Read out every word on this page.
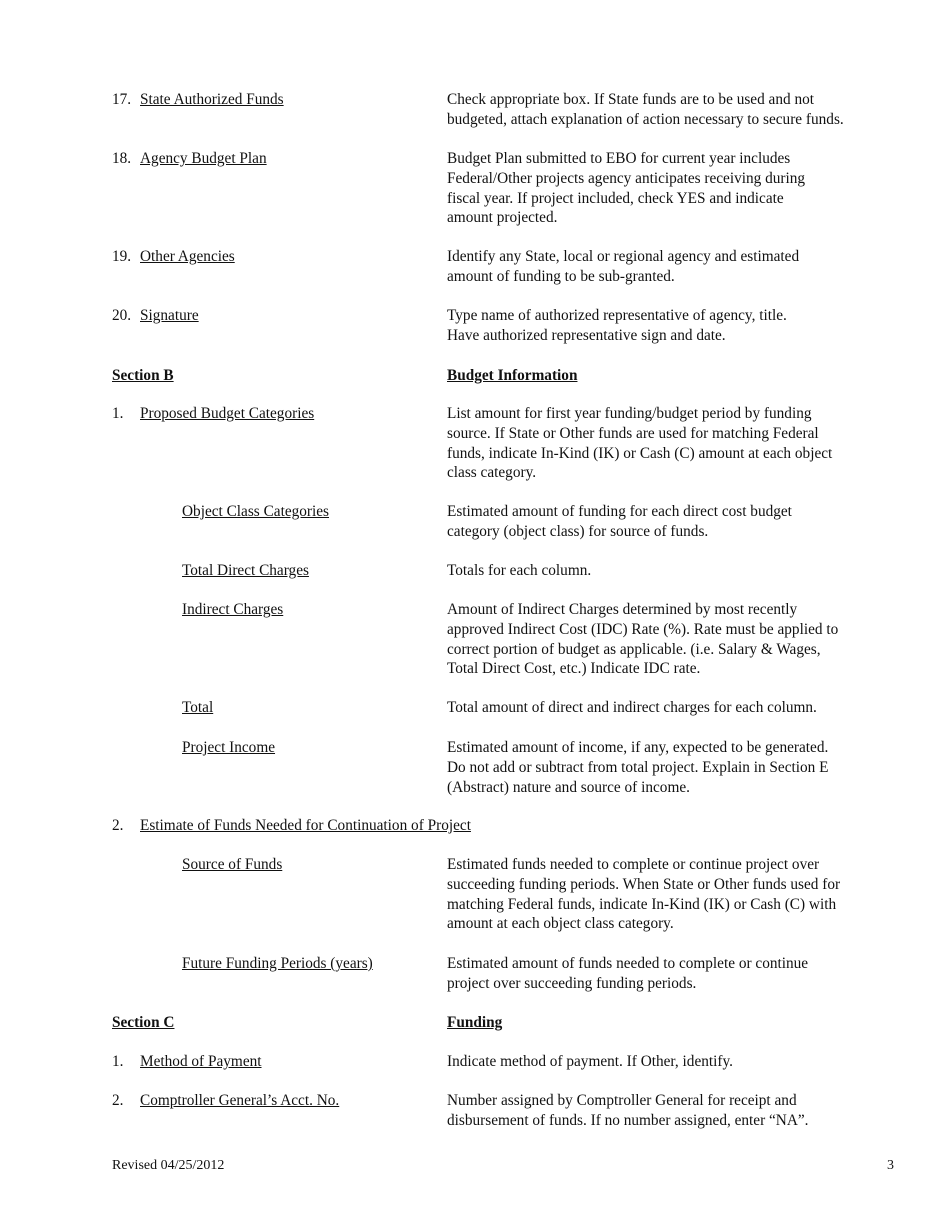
17. State Authorized Funds	Check appropriate box. If State funds are to be used and not
budgeted, attach explanation of action necessary to secure funds.
18. Agency Budget Plan	Budget Plan submitted to EBO for current year includes
Federal/Other projects agency anticipates receiving during
fiscal year. If project included, check YES and indicate
amount projected.
19. Other Agencies	Identify any State, local or regional agency and estimated
amount of funding to be sub-granted.
20. Signature	Type name of authorized representative of agency, title.
Have authorized representative sign and date.
Section B	Budget Information
1. Proposed Budget Categories	List amount for first year funding/budget period by funding
source. If State or Other funds are used for matching Federal
funds, indicate In-Kind (IK) or Cash (C) amount at each object
class category.
Object Class Categories	Estimated amount of funding for each direct cost budget
category (object class) for source of funds.
Total Direct Charges	Totals for each column.
Indirect Charges	Amount of Indirect Charges determined by most recently
approved Indirect Cost (IDC) Rate (%). Rate must be applied to
correct portion of budget as applicable. (i.e. Salary & Wages,
Total Direct Cost, etc.) Indicate IDC rate.
Total	Total amount of direct and indirect charges for each column.
Project Income	Estimated amount of income, if any, expected to be generated.
Do not add or subtract from total project. Explain in Section E
(Abstract) nature and source of income.
2. Estimate of Funds Needed for Continuation of Project
Source of Funds	Estimated funds needed to complete or continue project over
succeeding funding periods. When State or Other funds used for
matching Federal funds, indicate In-Kind (IK) or Cash (C) with
amount at each object class category.
Future Funding Periods (years)	Estimated amount of funds needed to complete or continue
project over succeeding funding periods.
Section C	Funding
1. Method of Payment	Indicate method of payment. If Other, identify.
2. Comptroller General’s Acct. No.	Number assigned by Comptroller General for receipt and
disbursement of funds. If no number assigned, enter “NA”.
Revised 04/25/2012	3
